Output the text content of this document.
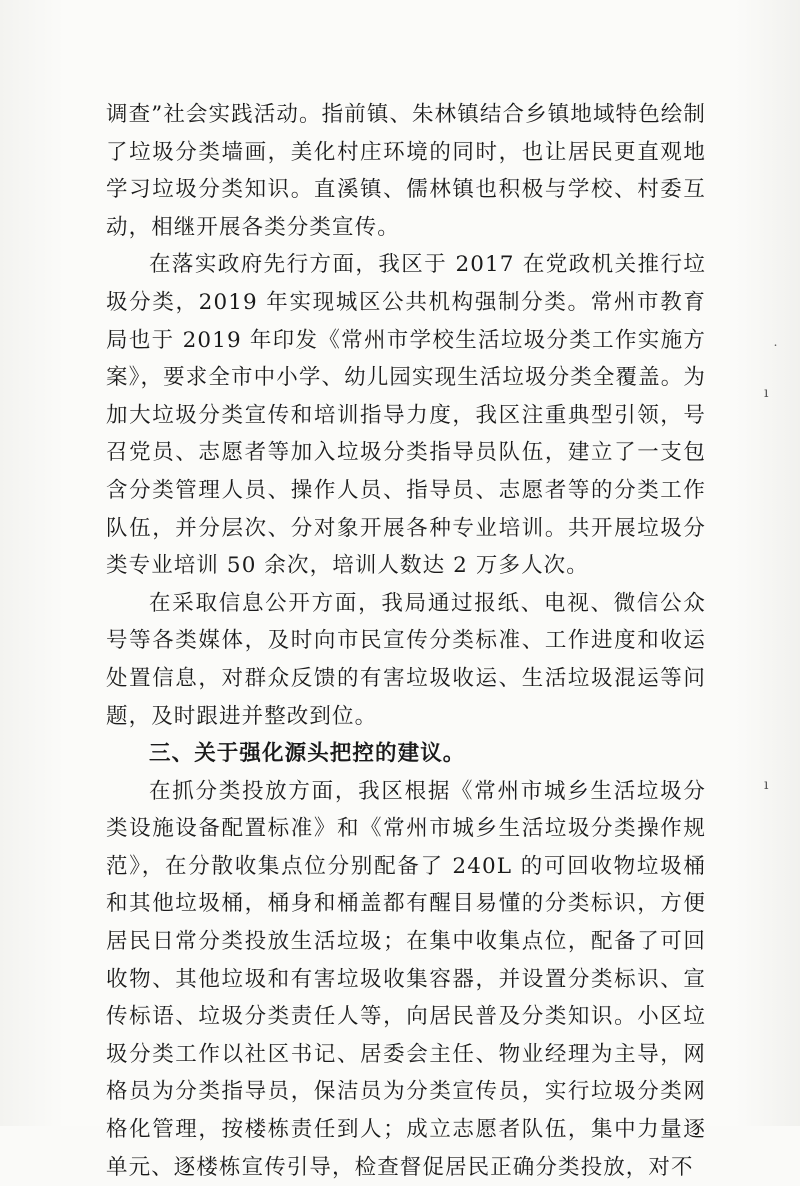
调查”社会实践活动。指前镇、朱林镇结合乡镇地域特色绘制了垃圾分类墙画，美化村庄环境的同时，也让居民更直观地学习垃圾分类知识。直溪镇、儒林镇也积极与学校、村委互动，相继开展各类分类宣传。

在落实政府先行方面，我区于 2017 在党政机关推行垃圾分类，2019 年实现城区公共机构强制分类。常州市教育局也于 2019 年印发《常州市学校生活垃圾分类工作实施方案》，要求全市中小学、幼儿园实现生活垃圾分类全覆盖。为加大垃圾分类宣传和培训指导力度，我区注重典型引领，号召党员、志愿者等加入垃圾分类指导员队伍，建立了一支包含分类管理人员、操作人员、指导员、志愿者等的分类工作队伍，并分层次、分对象开展各种专业培训。共开展垃圾分类专业培训 50 余次，培训人数达 2 万多人次。

在采取信息公开方面，我局通过报纸、电视、微信公众号等各类媒体，及时向市民宣传分类标准、工作进度和收运处置信息，对群众反馈的有害垃圾收运、生活垃圾混运等问题，及时跟进并整改到位。

三、关于强化源头把控的建议。

在抓分类投放方面，我区根据《常州市城乡生活垃圾分类设施设备配置标准》和《常州市城乡生活垃圾分类操作规范》，在分散收集点位分别配备了 240L 的可回收物垃圾桶和其他垃圾桶，桶身和桶盖都有醒目易懂的分类标识，方便居民日常分类投放生活垃圾；在集中收集点位，配备了可回收物、其他垃圾和有害垃圾收集容器，并设置分类标识、宣传标语、垃圾分类责任人等，向居民普及分类知识。小区垃圾分类工作以社区书记、居委会主任、物业经理为主导，网格员为分类指导员，保洁员为分类宣传员，实行垃圾分类网格化管理，按楼栋责任到人；成立志愿者队伍，集中力量逐单元、逐楼栋宣传引导，检查督促居民正确分类投放，对不

ı
ı
˙
